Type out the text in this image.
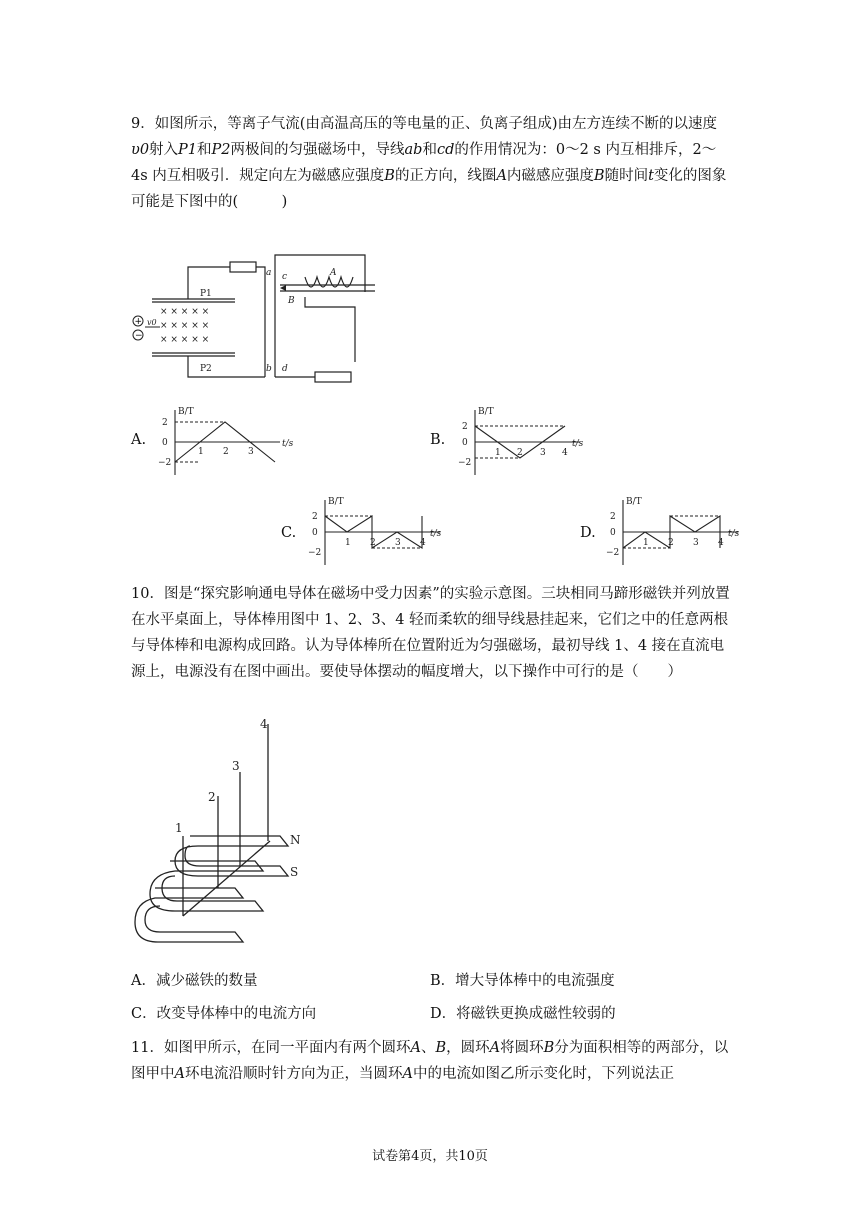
9．如图所示，等离子气流(由高温高压的等电量的正、负离子组成)由左方连续不断的以速度υ0射入P1和P2两极间的匀强磁场中，导线ab和cd的作用情况为：0～2 s 内互相排斥，2～4s 内互相吸引．规定向左为磁感应强度B的正方向，线圈A内磁感应强度B随时间t变化的图象可能是下图中的(　　　)

P1
P2
a
b
c
d
A
B
v0
× × × × ×
× × × × ×
× × × × ×
+
−
A.
B/T
t/s
2
0
−2
1 2 3
B.
B/T
t/s
2
0
−2
1 2 3 4
C.
B/T
t/s
2
0
−2
1 2 3 4
D.
B/T
t/s
2
0
−2
1 2 3 4

10．图是“探究影响通电导体在磁场中受力因素”的实验示意图。三块相同马蹄形磁铁并列放置在水平桌面上，导体棒用图中 1、2、3、4 轻而柔软的细导线悬挂起来，它们之中的任意两根与导体棒和电源构成回路。认为导体棒所在位置附近为匀强磁场，最初导线 1、4 接在直流电源上，电源没有在图中画出。要使导体摆动的幅度增大，以下操作中可行的是（　　）

4
3
2
1
N
S
A．减少磁铁的数量	B．增大导体棒中的电流强度
C．改变导体棒中的电流方向	D．将磁铁更换成磁性较弱的

11．如图甲所示，在同一平面内有两个圆环A、B，圆环A将圆环B分为面积相等的两部分，以图甲中A环电流沿顺时针方向为正，当圆环A中的电流如图乙所示变化时，下列说法正

试卷第4页，共10页
